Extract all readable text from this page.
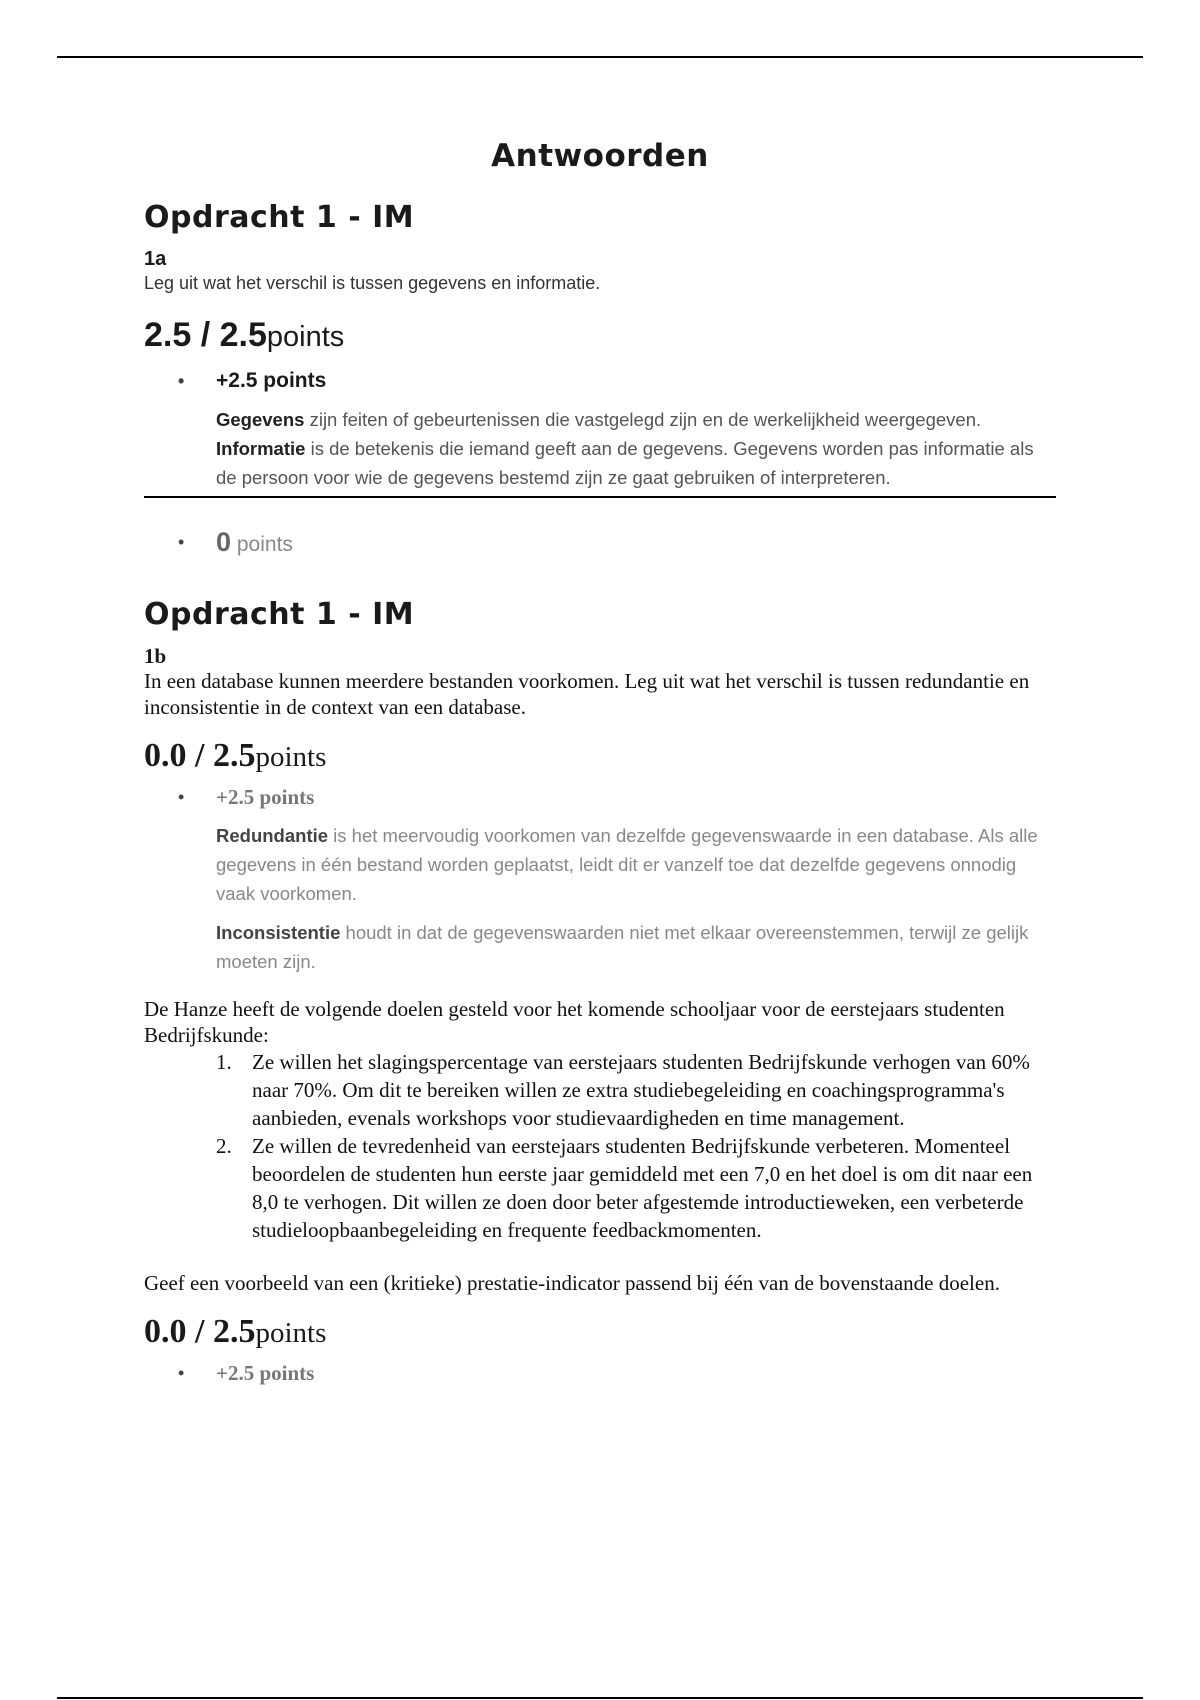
Antwoorden
Opdracht 1 - IM
1a
Leg uit wat het verschil is tussen gegevens en informatie.
2.5 / 2.5points
• +2.5 points
Gegevens zijn feiten of gebeurtenissen die vastgelegd zijn en de werkelijkheid weergegeven. Informatie is de betekenis die iemand geeft aan de gegevens. Gegevens worden pas informatie als de persoon voor wie de gegevens bestemd zijn ze gaat gebruiken of interpreteren.
• 0 points
Opdracht 1 - IM
1b
In een database kunnen meerdere bestanden voorkomen. Leg uit wat het verschil is tussen redundantie en inconsistentie in de context van een database.
0.0 / 2.5points
• +2.5 points
Redundantie is het meervoudig voorkomen van dezelfde gegevenswaarde in een database. Als alle gegevens in één bestand worden geplaatst, leidt dit er vanzelf toe dat dezelfde gegevens onnodig vaak voorkomen.
Inconsistentie houdt in dat de gegevenswaarden niet met elkaar overeenstemmen, terwijl ze gelijk moeten zijn.
De Hanze heeft de volgende doelen gesteld voor het komende schooljaar voor de eerstejaars studenten Bedrijfskunde:
1. Ze willen het slagingspercentage van eerstejaars studenten Bedrijfskunde verhogen van 60% naar 70%. Om dit te bereiken willen ze extra studiebegeleiding en coachingsprogramma's aanbieden, evenals workshops voor studievaardigheden en time management.
2. Ze willen de tevredenheid van eerstejaars studenten Bedrijfskunde verbeteren. Momenteel beoordelen de studenten hun eerste jaar gemiddeld met een 7,0 en het doel is om dit naar een 8,0 te verhogen. Dit willen ze doen door beter afgestemde introductieweken, een verbeterde studieloopbaanbegeleiding en frequente feedbackmomenten.
Geef een voorbeeld van een (kritieke) prestatie-indicator passend bij één van de bovenstaande doelen.
0.0 / 2.5points
• +2.5 points
